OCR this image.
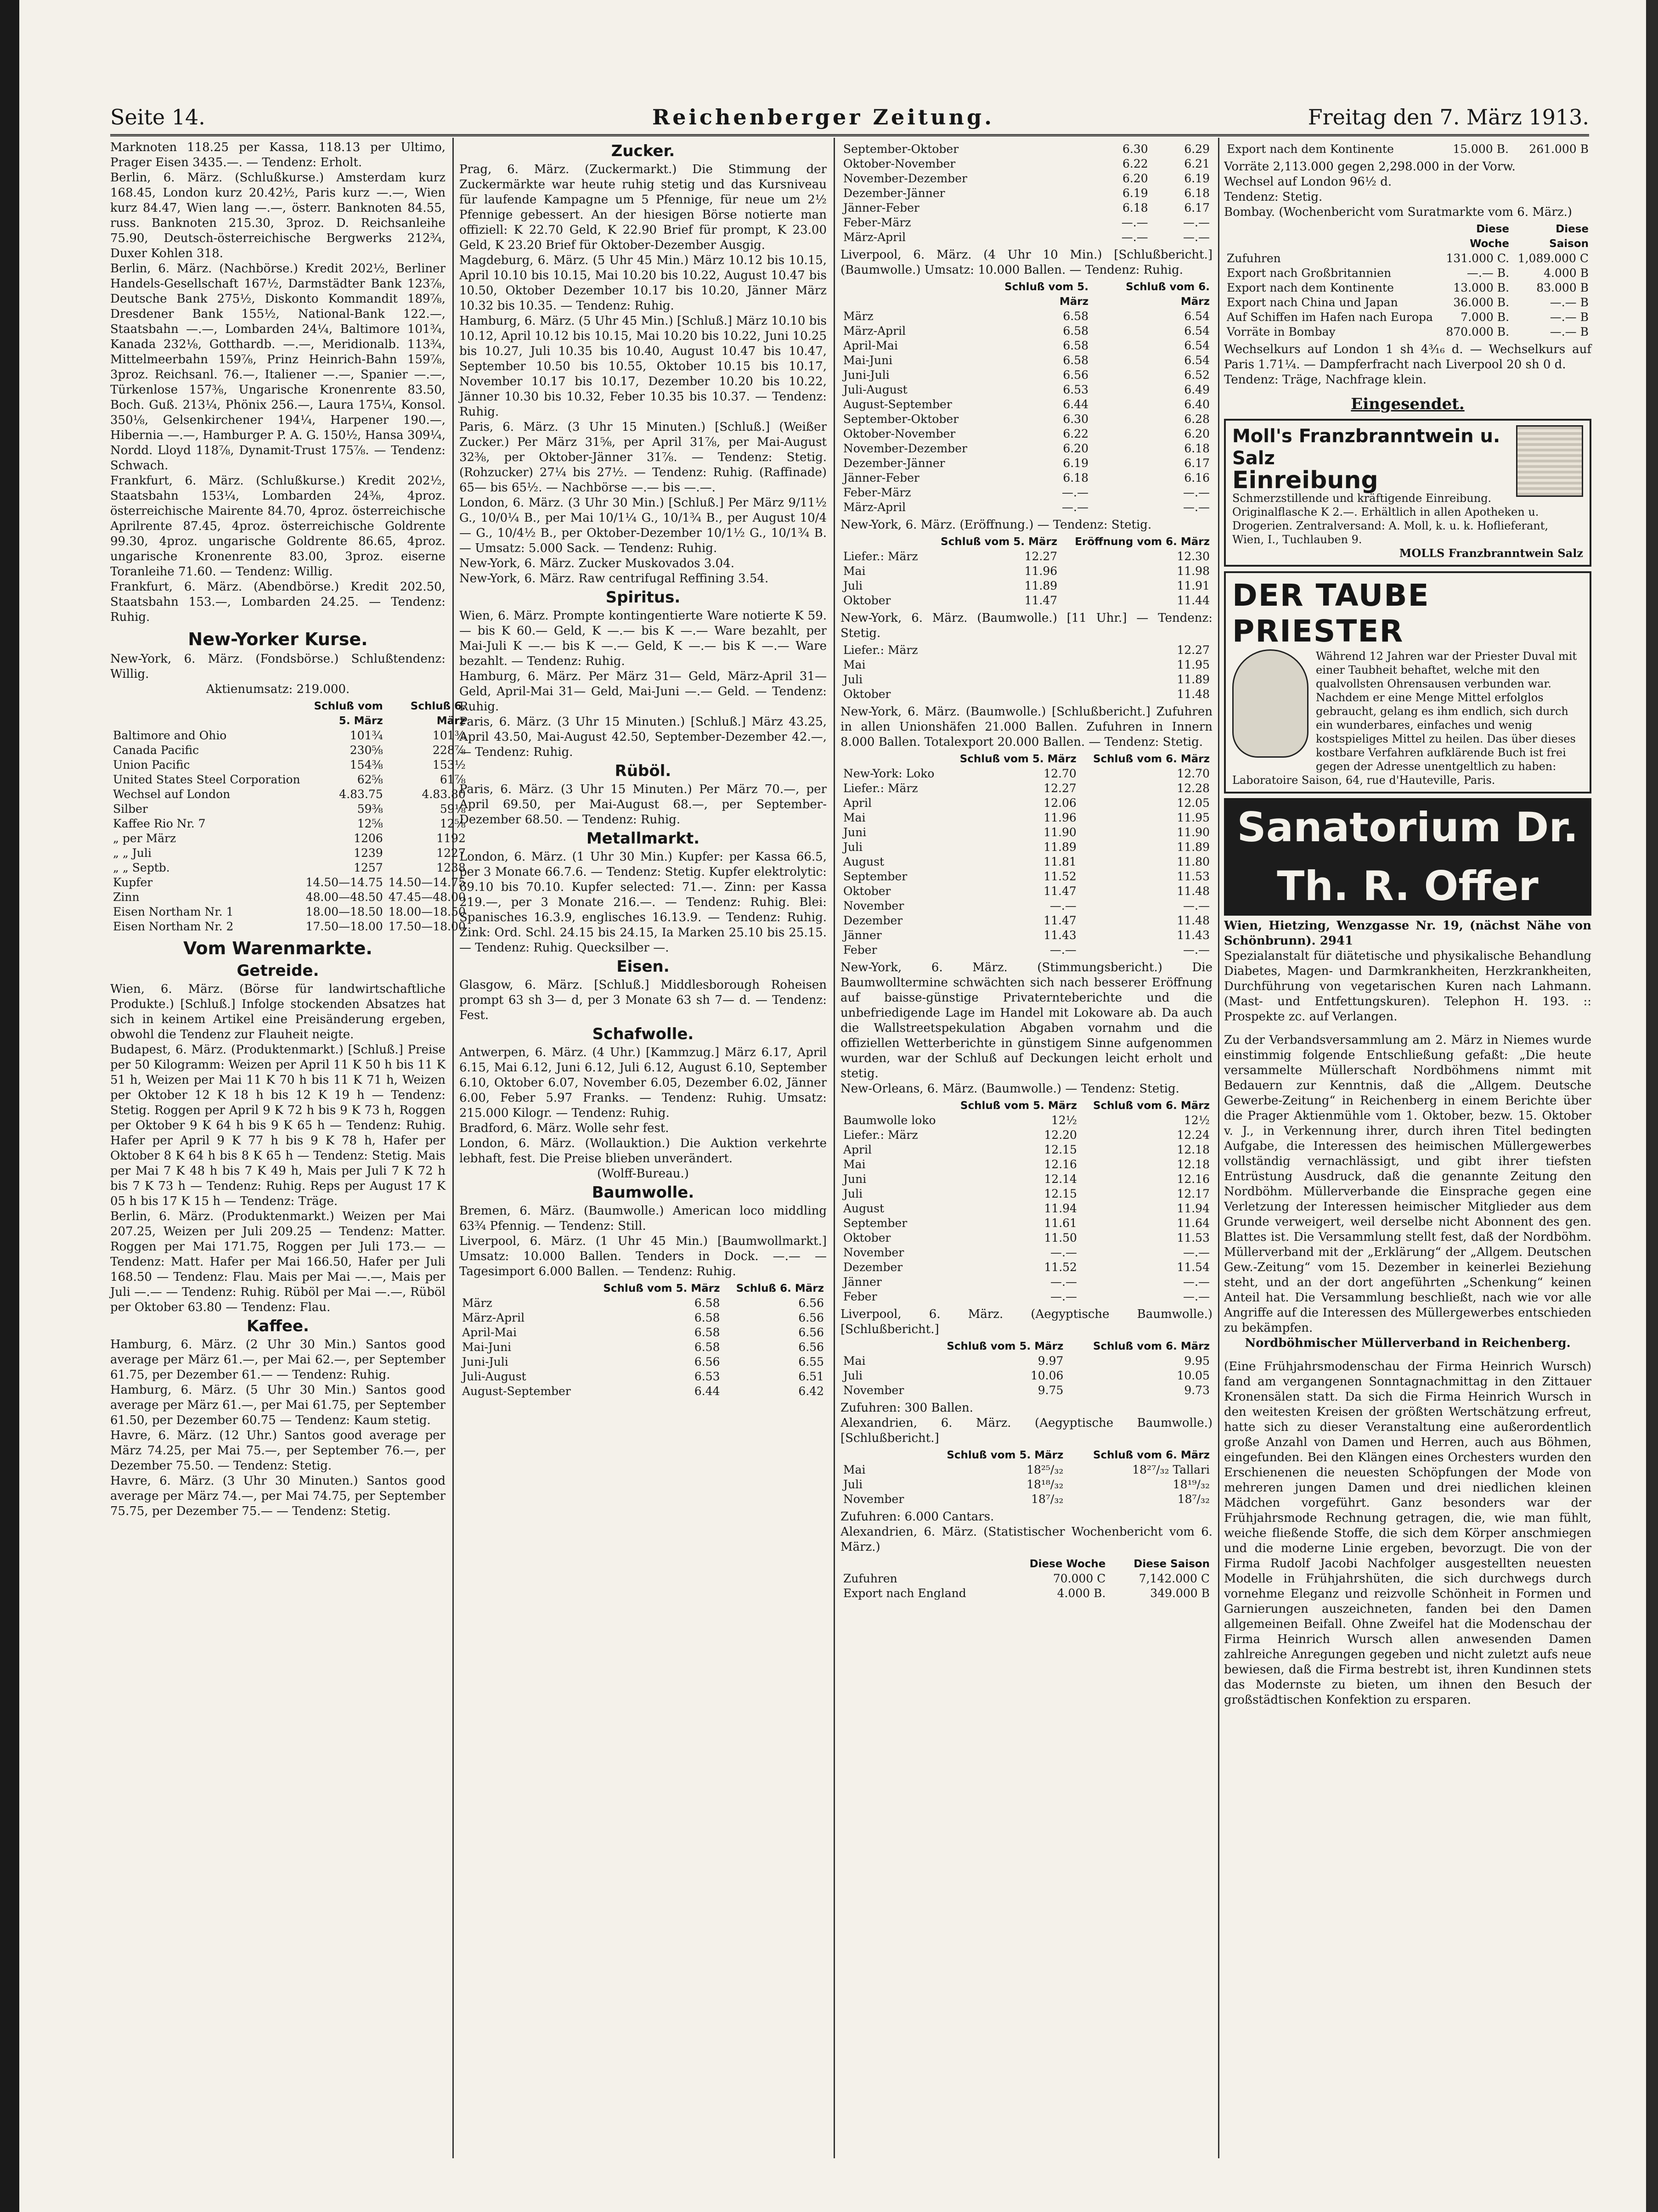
Seite 14.	Reichenberger Zeitung.	Freitag den 7. März 1913.

Marknoten 118.25 per Kassa, 118.13 per Ultimo, Prager Eisen 3435.—. — Tendenz: Erholt.

Berlin, 6. März. (Schlußkurse.) Amsterdam kurz 168.45, London kurz 20.42½, Paris kurz —.—, Wien kurz 84.47, Wien lang —.—, österr. Banknoten 84.55, russ. Banknoten 215.30, 3proz. D. Reichsanleihe 75.90, Deutsch-österreichische Bergwerks 212¾, Duxer Kohlen 318.

Berlin, 6. März. (Nachbörse.) Kredit 202½, Berliner Handels-Gesellschaft 167½, Darmstädter Bank 123⅞, Deutsche Bank 275½, Diskonto Kommandit 189⅞, Dresdener Bank 155½, National-Bank 122.—, Staatsbahn —.—, Lombarden 24¼, Baltimore 101¾, Kanada 232⅛, Gotthardb. —.—, Meridionalb. 113¾, Mittelmeerbahn 159⅞, Prinz Heinrich-Bahn 159⅞, 3proz. Reichsanl. 76.—, Italiener —.—, Spanier —.—, Türkenlose 157⅜, Ungarische Kronenrente 83.50, Boch. Guß. 213¼, Phönix 256.—, Laura 175¼, Konsol. 350⅛, Gelsenkirchener 194¼, Harpener 190.—, Hibernia —.—, Hamburger P. A. G. 150½, Hansa 309¼, Nordd. Lloyd 118⅞, Dynamit-Trust 175⅞. — Tendenz: Schwach.

Frankfurt, 6. März. (Schlußkurse.) Kredit 202½, Staatsbahn 153¼, Lombarden 24⅜, 4proz. österreichische Mairente 84.70, 4proz. österreichische Aprilrente 87.45, 4proz. österreichische Goldrente 99.30, 4proz. ungarische Goldrente 86.65, 4proz. ungarische Kronenrente 83.00, 3proz. eiserne Toranleihe 71.60. — Tendenz: Willig.

Frankfurt, 6. März. (Abendbörse.) Kredit 202.50, Staatsbahn 153.—, Lombarden 24.25. — Tendenz: Ruhig.

New-Yorker Kurse.

New-York, 6. März. (Fondsbörse.) Schlußtendenz: Willig.

Aktienumsatz: 219.000.

	Schluß vom 5. März	Schluß 6. März
Baltimore and Ohio	101¾	101⅜
Canada Pacific	230⅝	228⅞
Union Pacific	154⅜	153½
United States Steel Corporation	62⅝	61⅞
Wechsel auf London	4.83.75	4.83.80
Silber	59⅜	59⅛
Kaffee Rio Nr. 7	12⅝	12⅝
„ per März	1206	1192
„ „ Juli	1239	1227
„ „ Septb.	1257	1238
Kupfer	14.50—14.75	14.50—14.75
Zinn	48.00—48.50	47.45—48.00
Eisen Northam Nr. 1	18.00—18.50	18.00—18.50
Eisen Northam Nr. 2	17.50—18.00	17.50—18.00
Vom Warenmarkte.
Getreide.

Wien, 6. März. (Börse für landwirtschaftliche Produkte.) [Schluß.] Infolge stockenden Absatzes hat sich in keinem Artikel eine Preisänderung ergeben, obwohl die Tendenz zur Flauheit neigte.

Budapest, 6. März. (Produktenmarkt.) [Schluß.] Preise per 50 Kilogramm: Weizen per April 11 K 50 h bis 11 K 51 h, Weizen per Mai 11 K 70 h bis 11 K 71 h, Weizen per Oktober 12 K 18 h bis 12 K 19 h — Tendenz: Stetig. Roggen per April 9 K 72 h bis 9 K 73 h, Roggen per Oktober 9 K 64 h bis 9 K 65 h — Tendenz: Ruhig. Hafer per April 9 K 77 h bis 9 K 78 h, Hafer per Oktober 8 K 64 h bis 8 K 65 h — Tendenz: Stetig. Mais per Mai 7 K 48 h bis 7 K 49 h, Mais per Juli 7 K 72 h bis 7 K 73 h — Tendenz: Ruhig. Reps per August 17 K 05 h bis 17 K 15 h — Tendenz: Träge.

Berlin, 6. März. (Produktenmarkt.) Weizen per Mai 207.25, Weizen per Juli 209.25 — Tendenz: Matter. Roggen per Mai 171.75, Roggen per Juli 173.— — Tendenz: Matt. Hafer per Mai 166.50, Hafer per Juli 168.50 — Tendenz: Flau. Mais per Mai —.—, Mais per Juli —.— — Tendenz: Ruhig. Rüböl per Mai —.—, Rüböl per Oktober 63.80 — Tendenz: Flau.

Kaffee.

Hamburg, 6. März. (2 Uhr 30 Min.) Santos good average per März 61.—, per Mai 62.—, per September 61.75, per Dezember 61.— — Tendenz: Ruhig.

Hamburg, 6. März. (5 Uhr 30 Min.) Santos good average per März 61.—, per Mai 61.75, per September 61.50, per Dezember 60.75 — Tendenz: Kaum stetig.

Havre, 6. März. (12 Uhr.) Santos good average per März 74.25, per Mai 75.—, per September 76.—, per Dezember 75.50. — Tendenz: Stetig.

Havre, 6. März. (3 Uhr 30 Minuten.) Santos good average per März 74.—, per Mai 74.75, per September 75.75, per Dezember 75.— — Tendenz: Stetig.

Zucker.

Prag, 6. März. (Zuckermarkt.) Die Stimmung der Zuckermärkte war heute ruhig stetig und das Kursniveau für laufende Kampagne um 5 Pfennige, für neue um 2½ Pfennige gebessert. An der hiesigen Börse notierte man offiziell: K 22.70 Geld, K 22.90 Brief für prompt, K 23.00 Geld, K 23.20 Brief für Oktober-Dezember Ausgig.

Magdeburg, 6. März. (5 Uhr 45 Min.) März 10.12 bis 10.15, April 10.10 bis 10.15, Mai 10.20 bis 10.22, August 10.47 bis 10.50, Oktober Dezember 10.17 bis 10.20, Jänner März 10.32 bis 10.35. — Tendenz: Ruhig.

Hamburg, 6. März. (5 Uhr 45 Min.) [Schluß.] März 10.10 bis 10.12, April 10.12 bis 10.15, Mai 10.20 bis 10.22, Juni 10.25 bis 10.27, Juli 10.35 bis 10.40, August 10.47 bis 10.47, September 10.50 bis 10.55, Oktober 10.15 bis 10.17, November 10.17 bis 10.17, Dezember 10.20 bis 10.22, Jänner 10.30 bis 10.32, Feber 10.35 bis 10.37. — Tendenz: Ruhig.

Paris, 6. März. (3 Uhr 15 Minuten.) [Schluß.] (Weißer Zucker.) Per März 31⅝, per April 31⅞, per Mai-August 32⅜, per Oktober-Jänner 31⅞. — Tendenz: Stetig. (Rohzucker) 27¼ bis 27½. — Tendenz: Ruhig. (Raffinade) 65— bis 65½. — Nachbörse —.— bis —.—.

London, 6. März. (3 Uhr 30 Min.) [Schluß.] Per März 9/11½ G., 10/0¼ B., per Mai 10/1¼ G., 10/1¾ B., per August 10/4— G., 10/4½ B., per Oktober-Dezember 10/1½ G., 10/1¾ B. — Umsatz: 5.000 Sack. — Tendenz: Ruhig.

New-York, 6. März. Zucker Muskovados 3.04.

New-York, 6. März. Raw centrifugal Reffining 3.54.

Spiritus.

Wien, 6. März. Prompte kontingentierte Ware notierte K 59.— bis K 60.— Geld, K —.— bis K —.— Ware bezahlt, per Mai-Juli K —.— bis K —.— Geld, K —.— bis K —.— Ware bezahlt. — Tendenz: Ruhig.

Hamburg, 6. März. Per März 31— Geld, März-April 31— Geld, April-Mai 31— Geld, Mai-Juni —.— Geld. — Tendenz: Ruhig.

Paris, 6. März. (3 Uhr 15 Minuten.) [Schluß.] März 43.25, April 43.50, Mai-August 42.50, September-Dezember 42.—, — Tendenz: Ruhig.

Rüböl.

Paris, 6. März. (3 Uhr 15 Minuten.) Per März 70.—, per April 69.50, per Mai-August 68.—, per September-Dezember 68.50. — Tendenz: Ruhig.

Metallmarkt.

London, 6. März. (1 Uhr 30 Min.) Kupfer: per Kassa 66.5, per 3 Monate 66.7.6. — Tendenz: Stetig. Kupfer elektrolytic: 69.10 bis 70.10. Kupfer selected: 71.—. Zinn: per Kassa 219.—, per 3 Monate 216.—. — Tendenz: Ruhig. Blei: Spanisches 16.3.9, englisches 16.13.9. — Tendenz: Ruhig. Zink: Ord. Schl. 24.15 bis 24.15, Ia Marken 25.10 bis 25.15. — Tendenz: Ruhig. Quecksilber —.

Eisen.

Glasgow, 6. März. [Schluß.] Middlesborough Roheisen prompt 63 sh 3— d, per 3 Monate 63 sh 7— d. — Tendenz: Fest.

Schafwolle.

Antwerpen, 6. März. (4 Uhr.) [Kammzug.] März 6.17, April 6.15, Mai 6.12, Juni 6.12, Juli 6.12, August 6.10, September 6.10, Oktober 6.07, November 6.05, Dezember 6.02, Jänner 6.00, Feber 5.97 Franks. — Tendenz: Ruhig. Umsatz: 215.000 Kilogr. — Tendenz: Ruhig.

Bradford, 6. März. Wolle sehr fest.

London, 6. März. (Wollauktion.) Die Auktion verkehrte lebhaft, fest. Die Preise blieben unverändert.

(Wolff-Bureau.)

Baumwolle.

Bremen, 6. März. (Baumwolle.) American loco middling 63¾ Pfennig. — Tendenz: Still.

Liverpool, 6. März. (1 Uhr 45 Min.) [Baumwollmarkt.] Umsatz: 10.000 Ballen. Tenders in Dock. —.— — Tagesimport 6.000 Ballen. — Tendenz: Ruhig.

	Schluß vom 5. März	Schluß 6. März
März	6.58	6.56
März-April	6.58	6.56
April-Mai	6.58	6.56
Mai-Juni	6.58	6.56
Juni-Juli	6.56	6.55
Juli-August	6.53	6.51
August-September	6.44	6.42
September-Oktober	6.30	6.29
Oktober-November	6.22	6.21
November-Dezember	6.20	6.19
Dezember-Jänner	6.19	6.18
Jänner-Feber	6.18	6.17
Feber-März	—.—	—.—
März-April	—.—	—.—

Liverpool, 6. März. (4 Uhr 10 Min.) [Schlußbericht.] (Baumwolle.) Umsatz: 10.000 Ballen. — Tendenz: Ruhig.

	Schluß vom 5. März	Schluß vom 6. März
März	6.58	6.54
März-April	6.58	6.54
April-Mai	6.58	6.54
Mai-Juni	6.58	6.54
Juni-Juli	6.56	6.52
Juli-August	6.53	6.49
August-September	6.44	6.40
September-Oktober	6.30	6.28
Oktober-November	6.22	6.20
November-Dezember	6.20	6.18
Dezember-Jänner	6.19	6.17
Jänner-Feber	6.18	6.16
Feber-März	—.—	—.—
März-April	—.—	—.—

New-York, 6. März. (Eröffnung.) — Tendenz: Stetig.

	Schluß vom 5. März	Eröffnung vom 6. März
Liefer.: März	12.27	12.30
Mai	11.96	11.98
Juli	11.89	11.91
Oktober	11.47	11.44

New-York, 6. März. (Baumwolle.) [11 Uhr.] — Tendenz: Stetig.

Liefer.: März	12.27
Mai	11.95
Juli	11.89
Oktober	11.48

New-York, 6. März. (Baumwolle.) [Schlußbericht.] Zufuhren in allen Unionshäfen 21.000 Ballen. Zufuhren in Innern 8.000 Ballen. Totalexport 20.000 Ballen. — Tendenz: Stetig.

	Schluß vom 5. März	Schluß vom 6. März
New-York: Loko	12.70	12.70
Liefer.: März	12.27	12.28
April	12.06	12.05
Mai	11.96	11.95
Juni	11.90	11.90
Juli	11.89	11.89
August	11.81	11.80
September	11.52	11.53
Oktober	11.47	11.48
November	—.—	—.—
Dezember	11.47	11.48
Jänner	11.43	11.43
Feber	—.—	—.—

New-York, 6. März. (Stimmungsbericht.) Die Baumwolltermine schwächten sich nach besserer Eröffnung auf baisse-günstige Privaternteberichte und die unbefriedigende Lage im Handel mit Lokoware ab. Da auch die Wallstreetspekulation Abgaben vornahm und die offiziellen Wetterberichte in günstigem Sinne aufgenommen wurden, war der Schluß auf Deckungen leicht erholt und stetig.

New-Orleans, 6. März. (Baumwolle.) — Tendenz: Stetig.

	Schluß vom 5. März	Schluß vom 6. März
Baumwolle loko	12½	12½
Liefer.: März	12.20	12.24
April	12.15	12.18
Mai	12.16	12.18
Juni	12.14	12.16
Juli	12.15	12.17
August	11.94	11.94
September	11.61	11.64
Oktober	11.50	11.53
November	—.—	—.—
Dezember	11.52	11.54
Jänner	—.—	—.—
Feber	—.—	—.—

Liverpool, 6. März. (Aegyptische Baumwolle.) [Schlußbericht.]

	Schluß vom 5. März	Schluß vom 6. März
Mai	9.97	9.95
Juli	10.06	10.05
November	9.75	9.73

Zufuhren: 300 Ballen.

Alexandrien, 6. März. (Aegyptische Baumwolle.) [Schlußbericht.]

	Schluß vom 5. März	Schluß vom 6. März
Mai	18²⁵/₃₂	18²⁷/₃₂ Tallari
Juli	18¹⁸/₃₂	18¹⁹/₃₂
November	18⁷/₃₂	18⁷/₃₂

Zufuhren: 6.000 Cantars.

Alexandrien, 6. März. (Statistischer Wochenbericht vom 6. März.)

	Diese Woche	Diese Saison
Zufuhren	70.000 C	7,142.000 C
Export nach England	4.000 B.	349.000 B
Export nach dem Kontinente	15.000 B.	261.000 B

Vorräte 2,113.000 gegen 2,298.000 in der Vorw.

Wechsel auf London 96½ d.

Tendenz: Stetig.

Bombay. (Wochenbericht vom Suratmarkte vom 6. März.)

	Diese Woche	Diese Saison
Zufuhren	131.000 C.	1,089.000 C
Export nach Großbritannien	—.— B.	4.000 B
Export nach dem Kontinente	13.000 B.	83.000 B
Export nach China und Japan	36.000 B.	—.— B
Auf Schiffen im Hafen nach Europa	7.000 B.	—.— B
Vorräte in Bombay	870.000 B.	—.— B

Wechselkurs auf London 1 sh 4³⁄₁₆ d. — Wechselkurs auf Paris 1.71¼. — Dampferfracht nach Liverpool 20 sh 0 d.

Tendenz: Träge, Nachfrage klein.

Eingesendet.
Moll's Franzbranntwein u. Salz
Einreibung

Schmerzstillende und kräftigende Einreibung. Originalflasche K 2.—. Erhältlich in allen Apotheken u. Drogerien. Zentralversand: A. Moll, k. u. k. Hoflieferant, Wien, I., Tuchlauben 9.

MOLLS Franzbranntwein Salz

DER TAUBE PRIESTER

Während 12 Jahren war der Priester Duval mit einer Taubheit behaftet, welche mit den qualvollsten Ohrensausen verbunden war. Nachdem er eine Menge Mittel erfolglos gebraucht, gelang es ihm endlich, sich durch ein wunderbares, einfaches und wenig kostspieliges Mittel zu heilen. Das über dieses kostbare Verfahren aufklärende Buch ist frei gegen der Adresse unentgeltlich zu haben: Laboratoire Saison, 64, rue d'Hauteville, Paris.

Sanatorium Dr. Th. R. Offer

Wien, Hietzing, Wenzgasse Nr. 19, (nächst Nähe von Schönbrunn). 2941

Spezialanstalt für diätetische und physikalische Behandlung Diabetes, Magen- und Darmkrankheiten, Herzkrankheiten, Durchführung von vegetarischen Kuren nach Lahmann. (Mast- und Entfettungskuren). Telephon H. 193. :: Prospekte zc. auf Verlangen.

Zu der Verbandsversammlung am 2. März in Niemes wurde einstimmig folgende Entschließung gefaßt: „Die heute versammelte Müllerschaft Nordböhmens nimmt mit Bedauern zur Kenntnis, daß die „Allgem. Deutsche Gewerbe-Zeitung“ in Reichenberg in einem Berichte über die Prager Aktienmühle vom 1. Oktober, bezw. 15. Oktober v. J., in Verkennung ihrer, durch ihren Titel bedingten Aufgabe, die Interessen des heimischen Müllergewerbes vollständig vernachlässigt, und gibt ihrer tiefsten Entrüstung Ausdruck, daß die genannte Zeitung den Nordböhm. Müllerverbande die Einsprache gegen eine Verletzung der Interessen heimischer Mitglieder aus dem Grunde verweigert, weil derselbe nicht Abonnent des gen. Blattes ist. Die Versammlung stellt fest, daß der Nordböhm. Müllerverband mit der „Erklärung“ der „Allgem. Deutschen Gew.-Zeitung“ vom 15. Dezember in keinerlei Beziehung steht, und an der dort angeführten „Schenkung“ keinen Anteil hat. Die Versammlung beschließt, nach wie vor alle Angriffe auf die Interessen des Müllergewerbes entschieden zu bekämpfen.

Nordböhmischer Müllerverband in Reichenberg.

(Eine Frühjahrsmodenschau der Firma Heinrich Wursch) fand am vergangenen Sonntagnachmittag in den Zittauer Kronensälen statt. Da sich die Firma Heinrich Wursch in den weitesten Kreisen der größten Wertschätzung erfreut, hatte sich zu dieser Veranstaltung eine außerordentlich große Anzahl von Damen und Herren, auch aus Böhmen, eingefunden. Bei den Klängen eines Orchesters wurden den Erschienenen die neuesten Schöpfungen der Mode von mehreren jungen Damen und drei niedlichen kleinen Mädchen vorgeführt. Ganz besonders war der Frühjahrsmode Rechnung getragen, die, wie man fühlt, weiche fließende Stoffe, die sich dem Körper anschmiegen und die moderne Linie ergeben, bevorzugt. Die von der Firma Rudolf Jacobi Nachfolger ausgestellten neuesten Modelle in Frühjahrshüten, die sich durchwegs durch vornehme Eleganz und reizvolle Schönheit in Formen und Garnierungen auszeichneten, fanden bei den Damen allgemeinen Beifall. Ohne Zweifel hat die Modenschau der Firma Heinrich Wursch allen anwesenden Damen zahlreiche Anregungen gegeben und nicht zuletzt aufs neue bewiesen, daß die Firma bestrebt ist, ihren Kundinnen stets das Modernste zu bieten, um ihnen den Besuch der großstädtischen Konfektion zu ersparen.
